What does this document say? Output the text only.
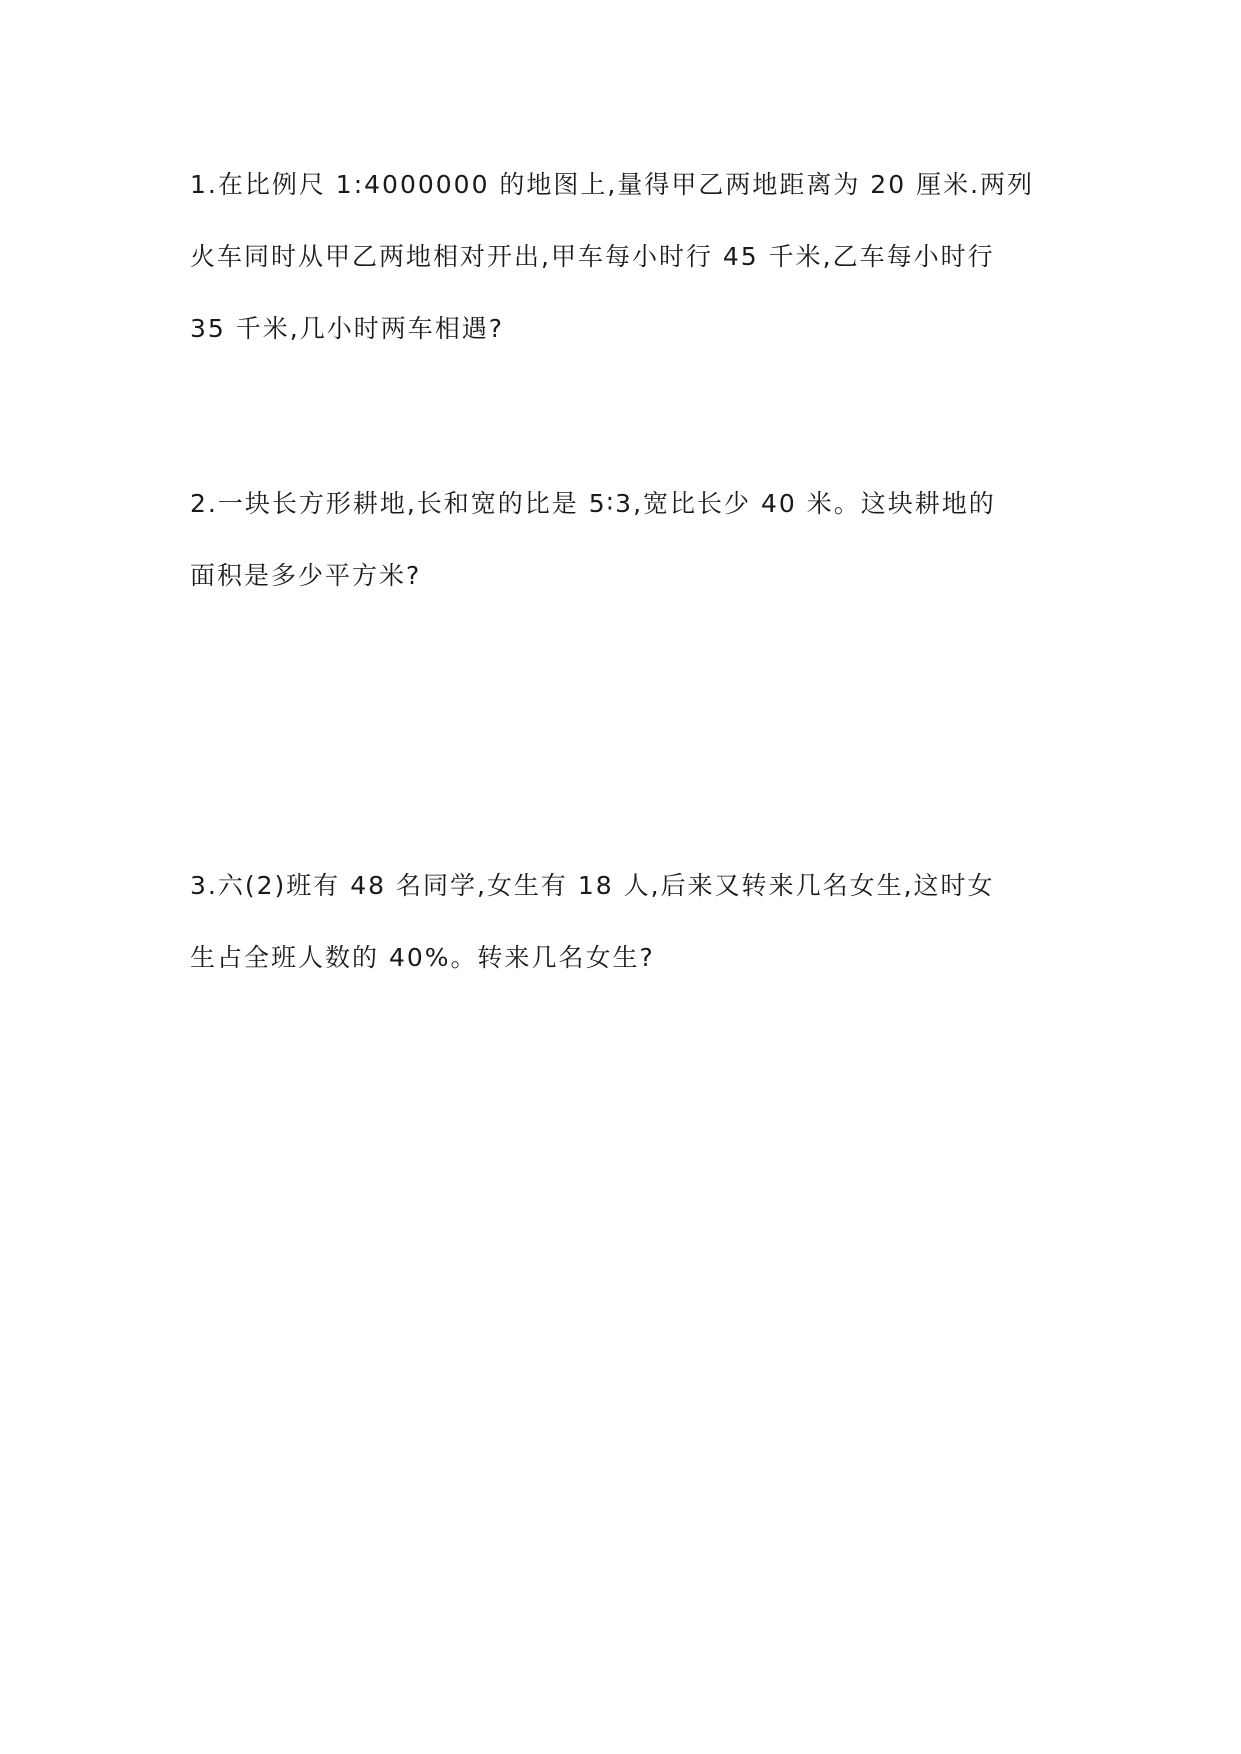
1.在比例尺 1:4000000 的地图上,量得甲乙两地距离为 20 厘米.两列
火车同时从甲乙两地相对开出,甲车每小时行 45 千米,乙车每小时行
35 千米,几小时两车相遇?
2.一块长方形耕地,长和宽的比是 5∶3,宽比长少 40 米。这块耕地的
面积是多少平方米?
3.六(2)班有 48 名同学,女生有 18 人,后来又转来几名女生,这时女
生占全班人数的 40%。转来几名女生?
